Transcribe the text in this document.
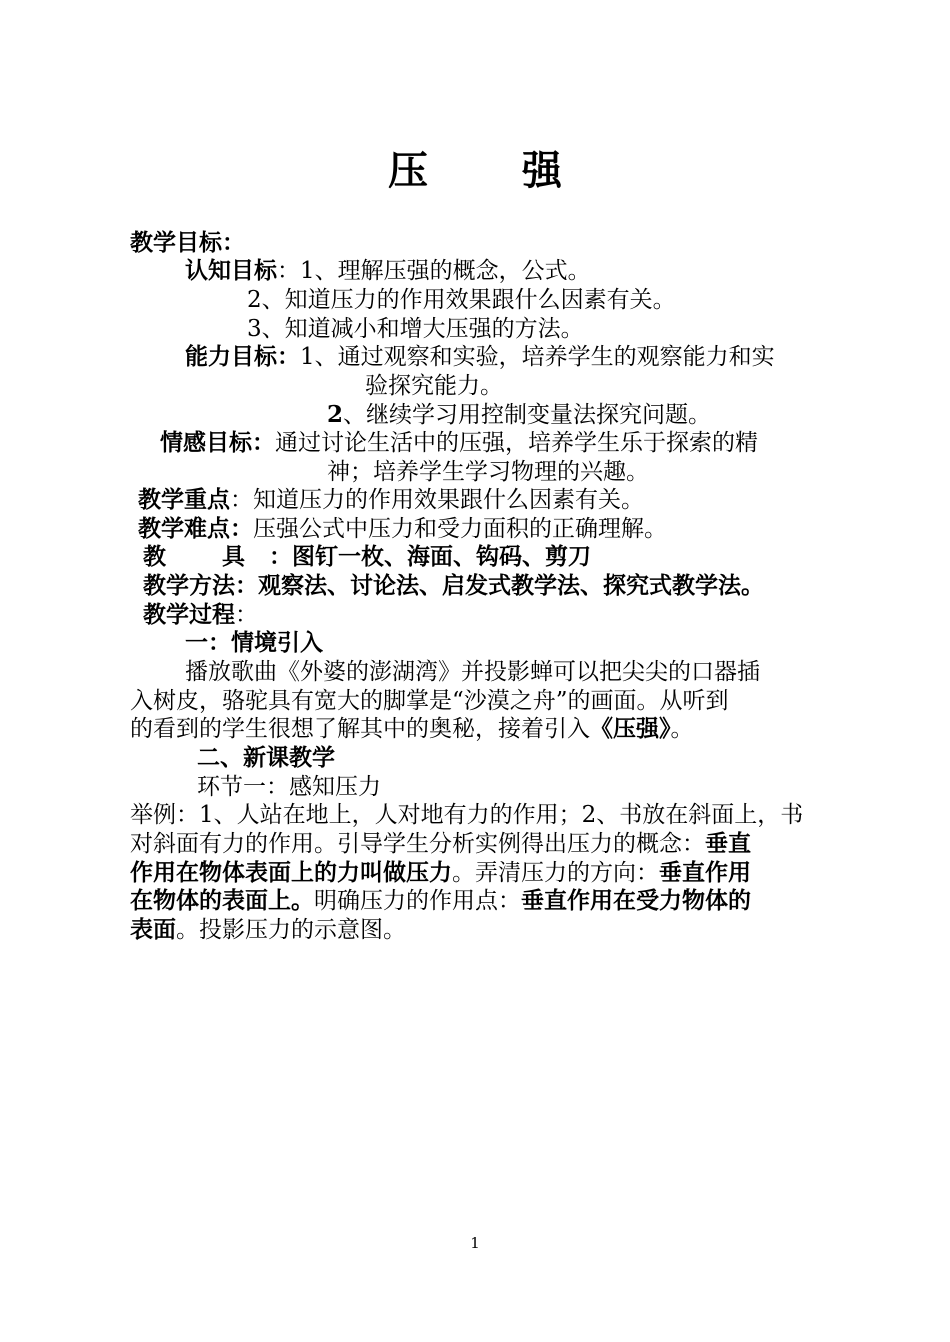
压 强
教学目标：
认知目标：1、理解压强的概念，公式。
2、知道压力的作用效果跟什么因素有关。
3、知道减小和增大压强的方法。
能力目标：1、通过观察和实验，培养学生的观察能力和实
验探究能力。
2、继续学习用控制变量法探究问题。
情感目标：通过讨论生活中的压强，培养学生乐于探索的精
神；培养学生学习物理的兴趣。
教学重点：知道压力的作用效果跟什么因素有关。
教学难点：压强公式中压力和受力面积的正确理解。
教 具：图钉一枚、海面、钩码、剪刀
教学方法：观察法、讨论法、启发式教学法、探究式教学法。
教学过程：
一：情境引入
播放歌曲《外婆的澎湖湾》并投影蝉可以把尖尖的口器插
入树皮，骆驼具有宽大的脚掌是“沙漠之舟”的画面。从听到
的看到的学生很想了解其中的奥秘，接着引入《压强》。
二、新课教学
环节一：感知压力
举例：1、人站在地上，人对地有力的作用；2、书放在斜面上，书
对斜面有力的作用。引导学生分析实例得出压力的概念：垂直
作用在物体表面上的力叫做压力。弄清压力的方向：垂直作用
在物体的表面上。明确压力的作用点：垂直作用在受力物体的
表面。投影压力的示意图。
1
